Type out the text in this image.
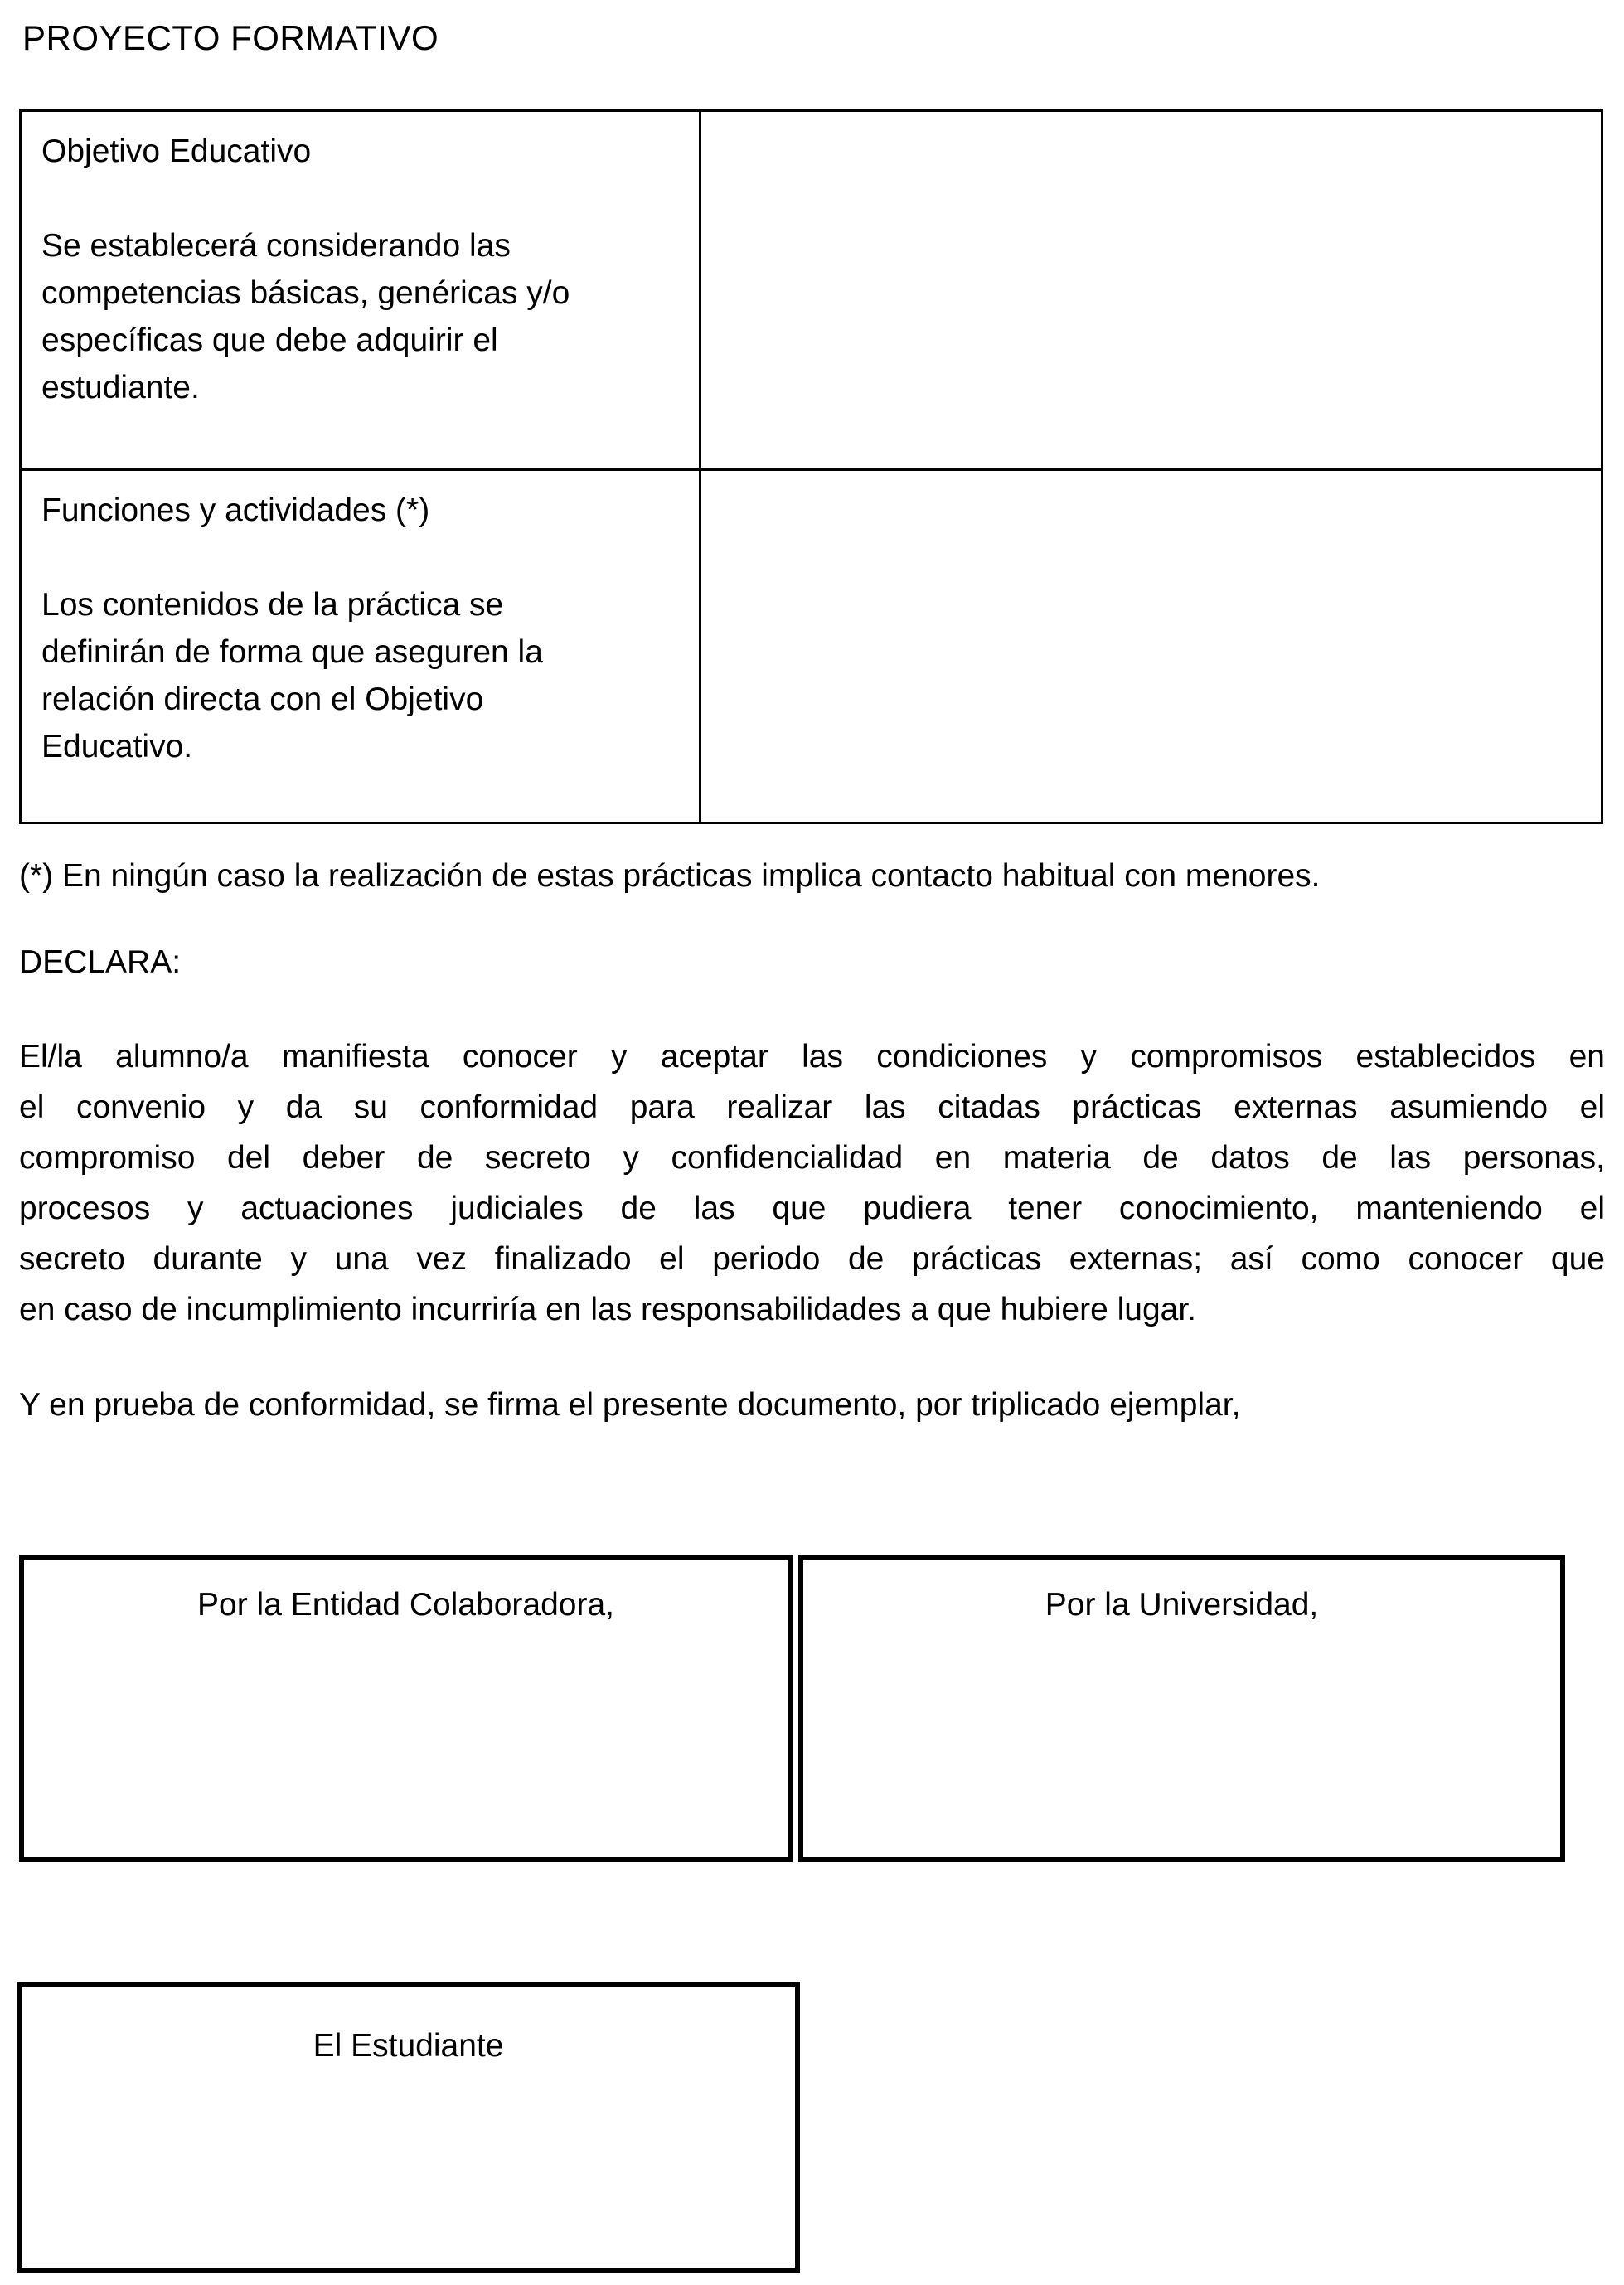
PROYECTO FORMATIVO
Objetivo Educativo

Se establecerá considerando las
competencias básicas, genéricas y/o
específicas que debe adquirir el
estudiante.
Funciones y actividades (*)

Los contenidos de la práctica se
definirán de forma que aseguren la
relación directa con el Objetivo
Educativo.

(*) En ningún caso la realización de estas prácticas implica contacto habitual con menores.

DECLARA:

El/la alumno/a manifiesta conocer y aceptar las condiciones y compromisos establecidos en
el convenio y da su conformidad para realizar las citadas prácticas externas asumiendo el
compromiso del deber de secreto y confidencialidad en materia de datos de las personas,
procesos y actuaciones judiciales de las que pudiera tener conocimiento, manteniendo el
secreto durante y una vez finalizado el periodo de prácticas externas; así como conocer que
en caso de incumplimiento incurriría en las responsabilidades a que hubiere lugar.

Y en prueba de conformidad, se firma el presente documento, por triplicado ejemplar,

Por la Entidad Colaboradora,	Por la Universidad,
El Estudiante
